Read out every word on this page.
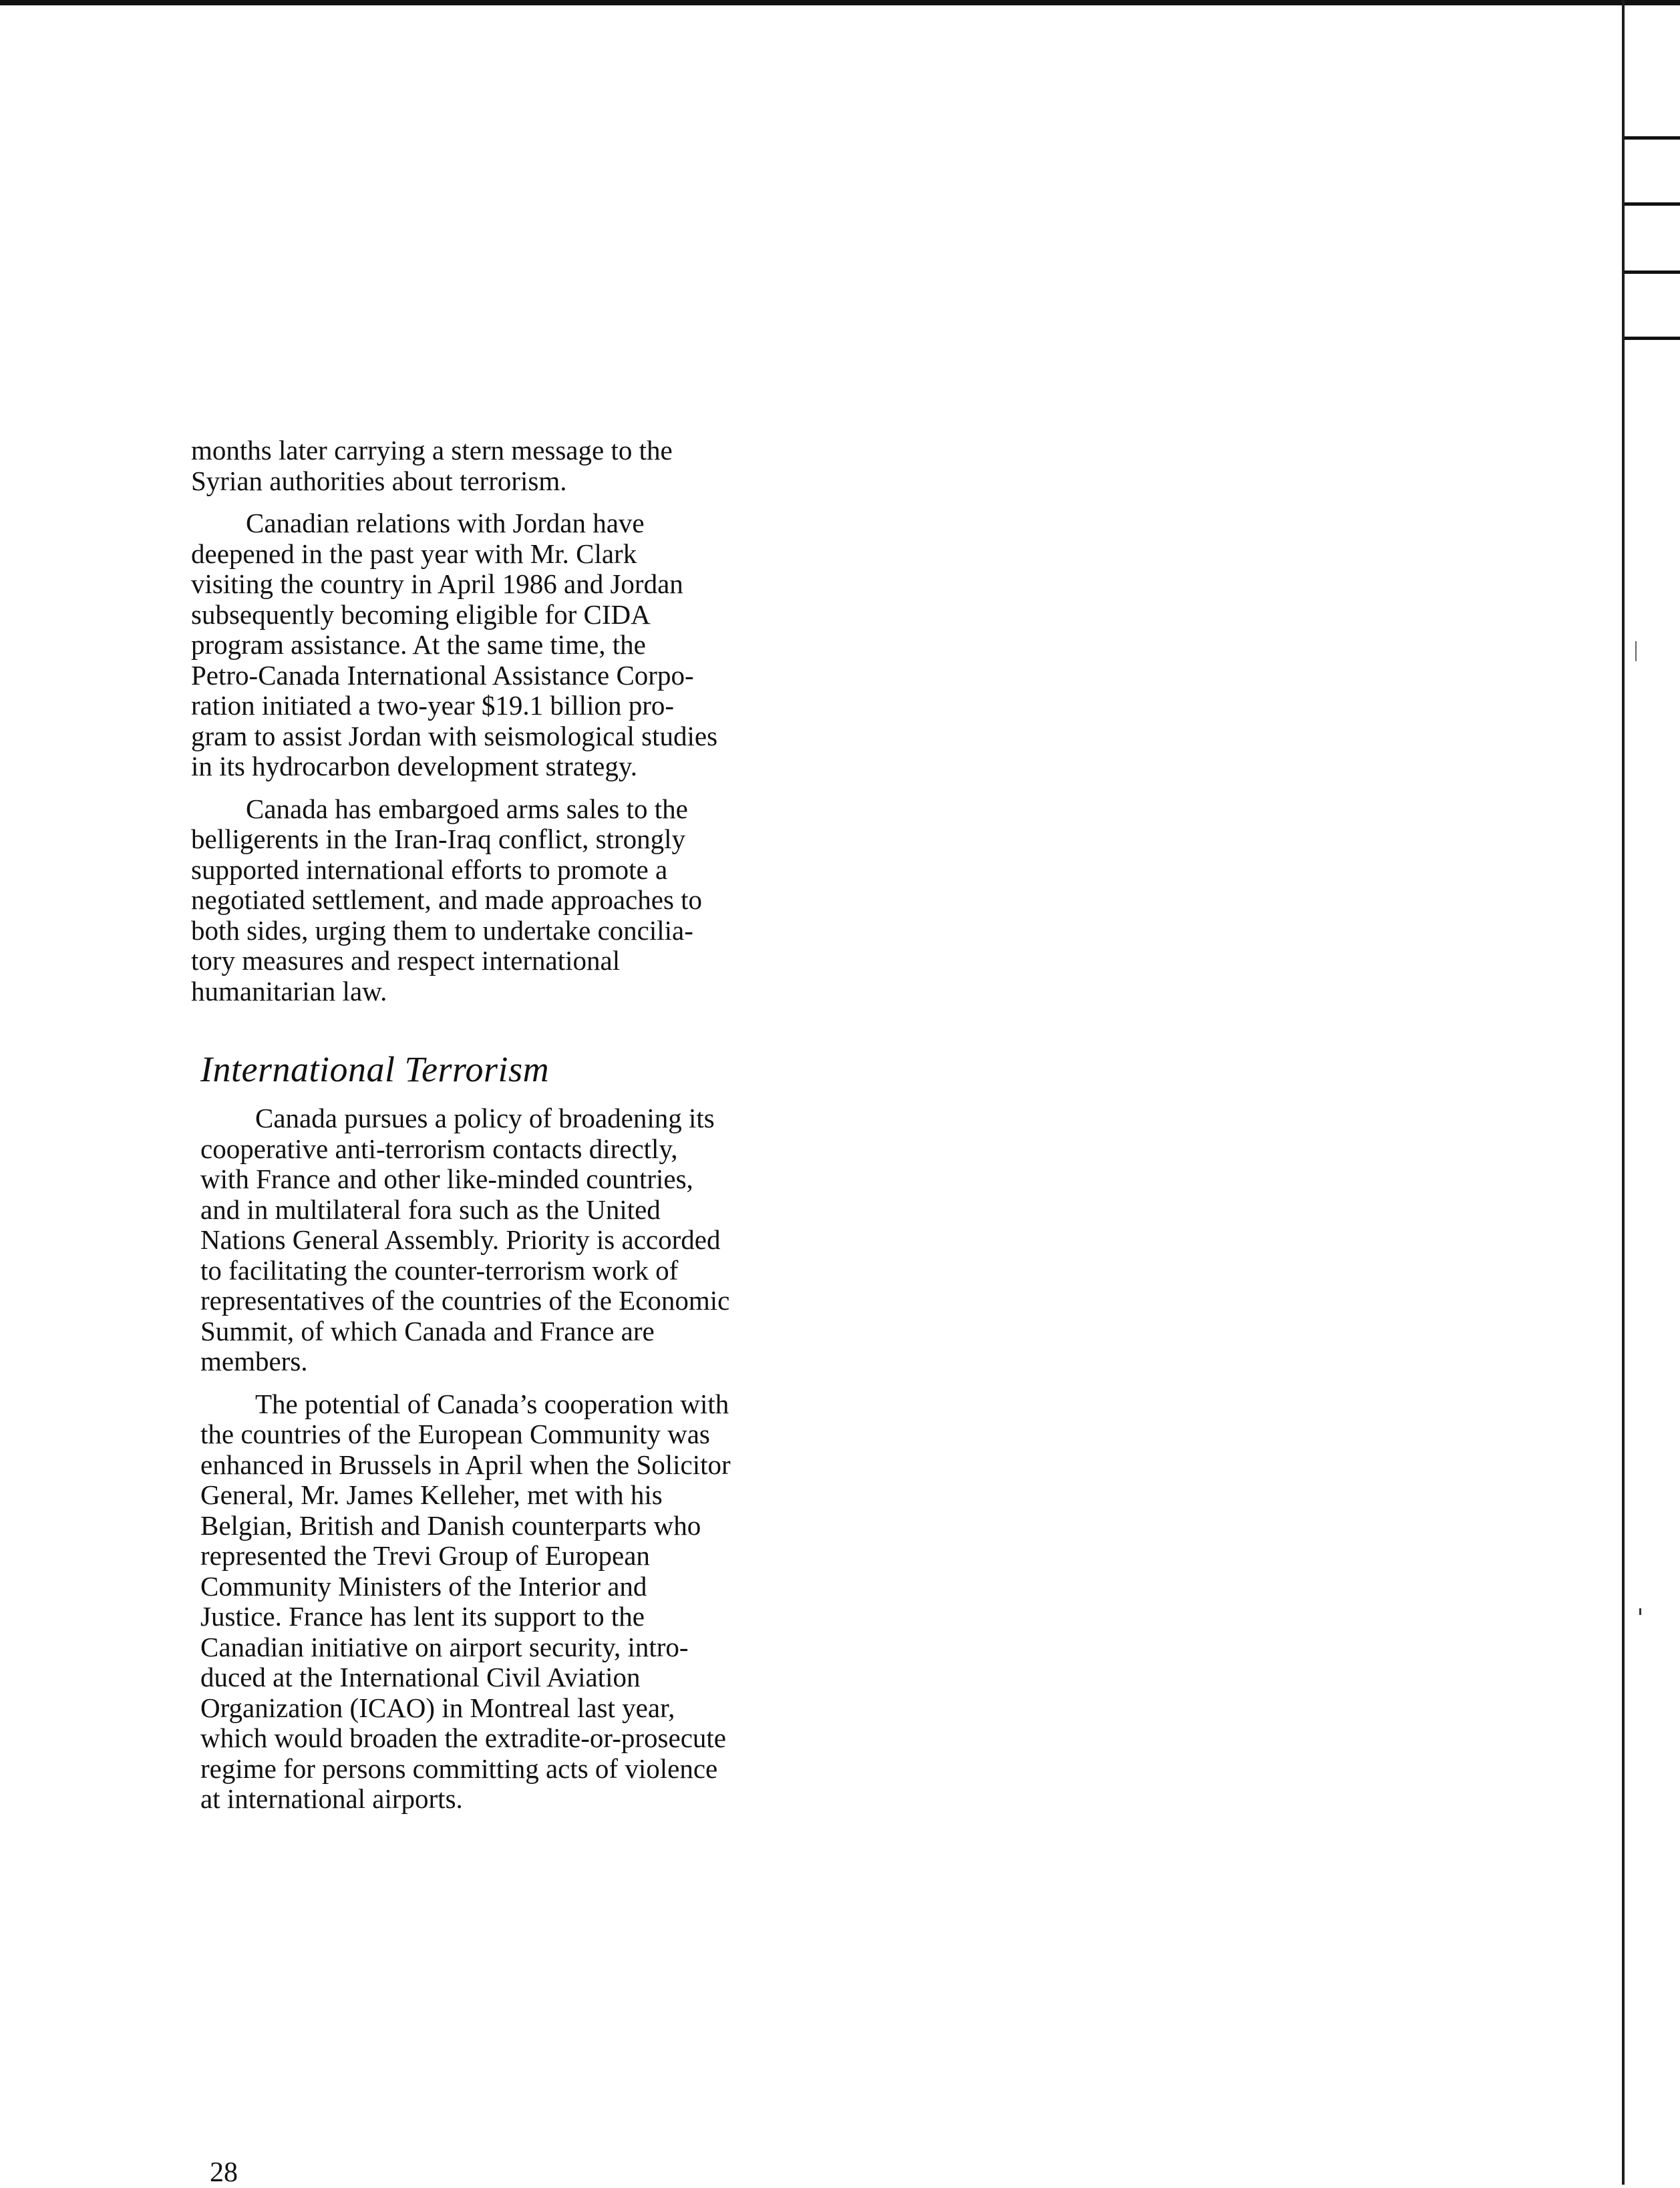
months later carrying a stern message to the
Syrian authorities about terrorism.

Canadian relations with Jordan have
deepened in the past year with Mr. Clark
visiting the country in April 1986 and Jordan
subsequently becoming eligible for CIDA
program assistance. At the same time, the
Petro-Canada International Assistance Corpo-
ration initiated a two-year $19.1 billion pro-
gram to assist Jordan with seismological studies
in its hydrocarbon development strategy.

Canada has embargoed arms sales to the
belligerents in the Iran-Iraq conflict, strongly
supported international efforts to promote a
negotiated settlement, and made approaches to
both sides, urging them to undertake concilia-
tory measures and respect international
humanitarian law.

International Terrorism

Canada pursues a policy of broadening its
cooperative anti-terrorism contacts directly,
with France and other like-minded countries,
and in multilateral fora such as the United
Nations General Assembly. Priority is accorded
to facilitating the counter-terrorism work of
representatives of the countries of the Economic
Summit, of which Canada and France are
members.

The potential of Canada’s cooperation with
the countries of the European Community was
enhanced in Brussels in April when the Solicitor
General, Mr. James Kelleher, met with his
Belgian, British and Danish counterparts who
represented the Trevi Group of European
Community Ministers of the Interior and
Justice. France has lent its support to the
Canadian initiative on airport security, intro-
duced at the International Civil Aviation
Organization (ICAO) in Montreal last year,
which would broaden the extradite-or-prosecute
regime for persons committing acts of violence
at international airports.

28
